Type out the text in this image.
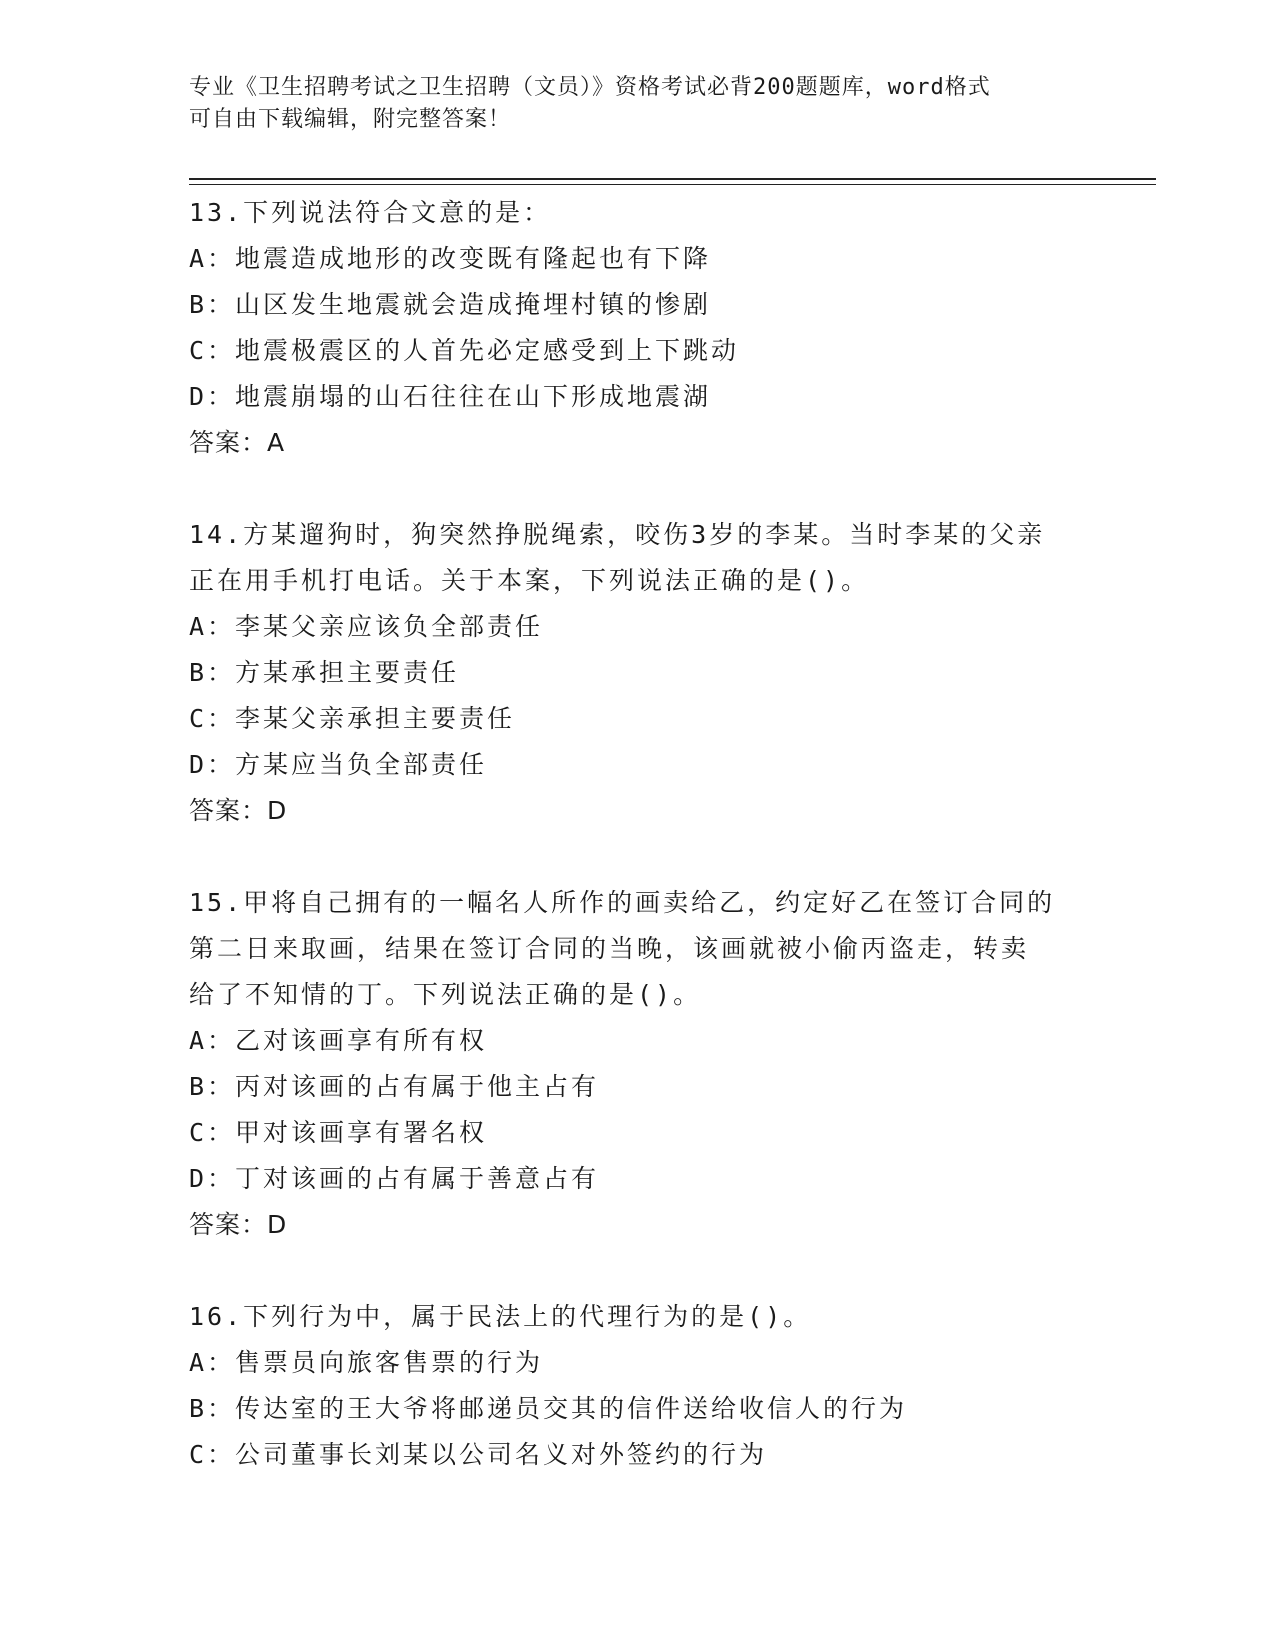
专业《卫生招聘考试之卫生招聘（文员）》资格考试必背200题题库，word格式

可自由下载编辑，附完整答案！

13.下列说法符合文意的是：

A：地震造成地形的改变既有隆起也有下降

B：山区发生地震就会造成掩埋村镇的惨剧

C：地震极震区的人首先必定感受到上下跳动

D：地震崩塌的山石往往在山下形成地震湖

答案：A

14.方某遛狗时，狗突然挣脱绳索，咬伤3岁的李某。当时李某的父亲

正在用手机打电话。关于本案，下列说法正确的是()。

A：李某父亲应该负全部责任

B：方某承担主要责任

C：李某父亲承担主要责任

D：方某应当负全部责任

答案：D

15.甲将自己拥有的一幅名人所作的画卖给乙，约定好乙在签订合同的

第二日来取画，结果在签订合同的当晚，该画就被小偷丙盗走，转卖

给了不知情的丁。下列说法正确的是()。

A：乙对该画享有所有权

B：丙对该画的占有属于他主占有

C：甲对该画享有署名权

D：丁对该画的占有属于善意占有

答案：D

16.下列行为中，属于民法上的代理行为的是()。

A：售票员向旅客售票的行为

B：传达室的王大爷将邮递员交其的信件送给收信人的行为

C：公司董事长刘某以公司名义对外签约的行为
